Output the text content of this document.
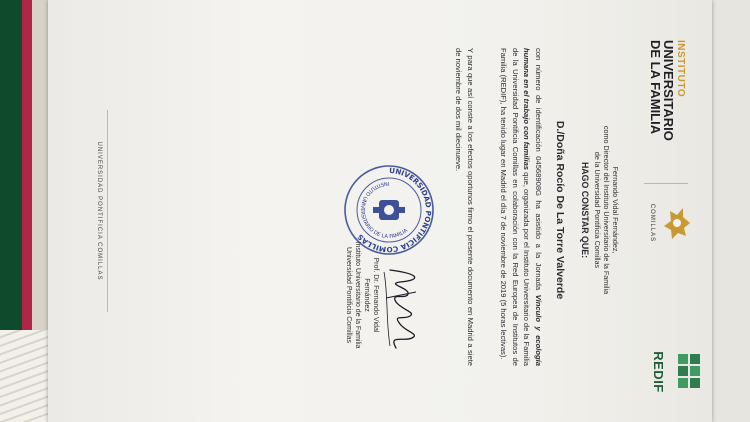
INSTITUTO
UNIVERSITARIO
DE LA FAMILIA
COMILLAS
REDIF
Fernando Vidal Fernández,
como Director del Instituto Universitario de la Familia
de la Universidad Pontificia Comillas
HAGO CONSTAR QUE:
D./Doña Rocío De La Torre Valverde
con número de identificación 04568908G ha asistido a la Jornada Vínculo y ecología humana en el trabajo con familias que, organizada por el Instituto Universitario de la Familia de la Universidad Pontificia Comillas en colaboración con la Red Europea de Institutos de Familia (REDIF), ha tenido lugar en Madrid el día 7 de noviembre de 2019 (5 horas lectivas).
Y para que así conste a los efectos oportunos firmo el presente documento en Madrid a siete de noviembre de dos mil diecinueve.
UNIVERSIDAD PONTIFICIA COMILLAS
INSTITUTO UNIVERSITARIO DE LA FAMILIA
Prof. Dr. Fernando Vidal Fernández
Instituto Universitario de la Familia
Universidad Pontificia Comillas
UNIVERSIDAD PONTIFICIA COMILLAS
